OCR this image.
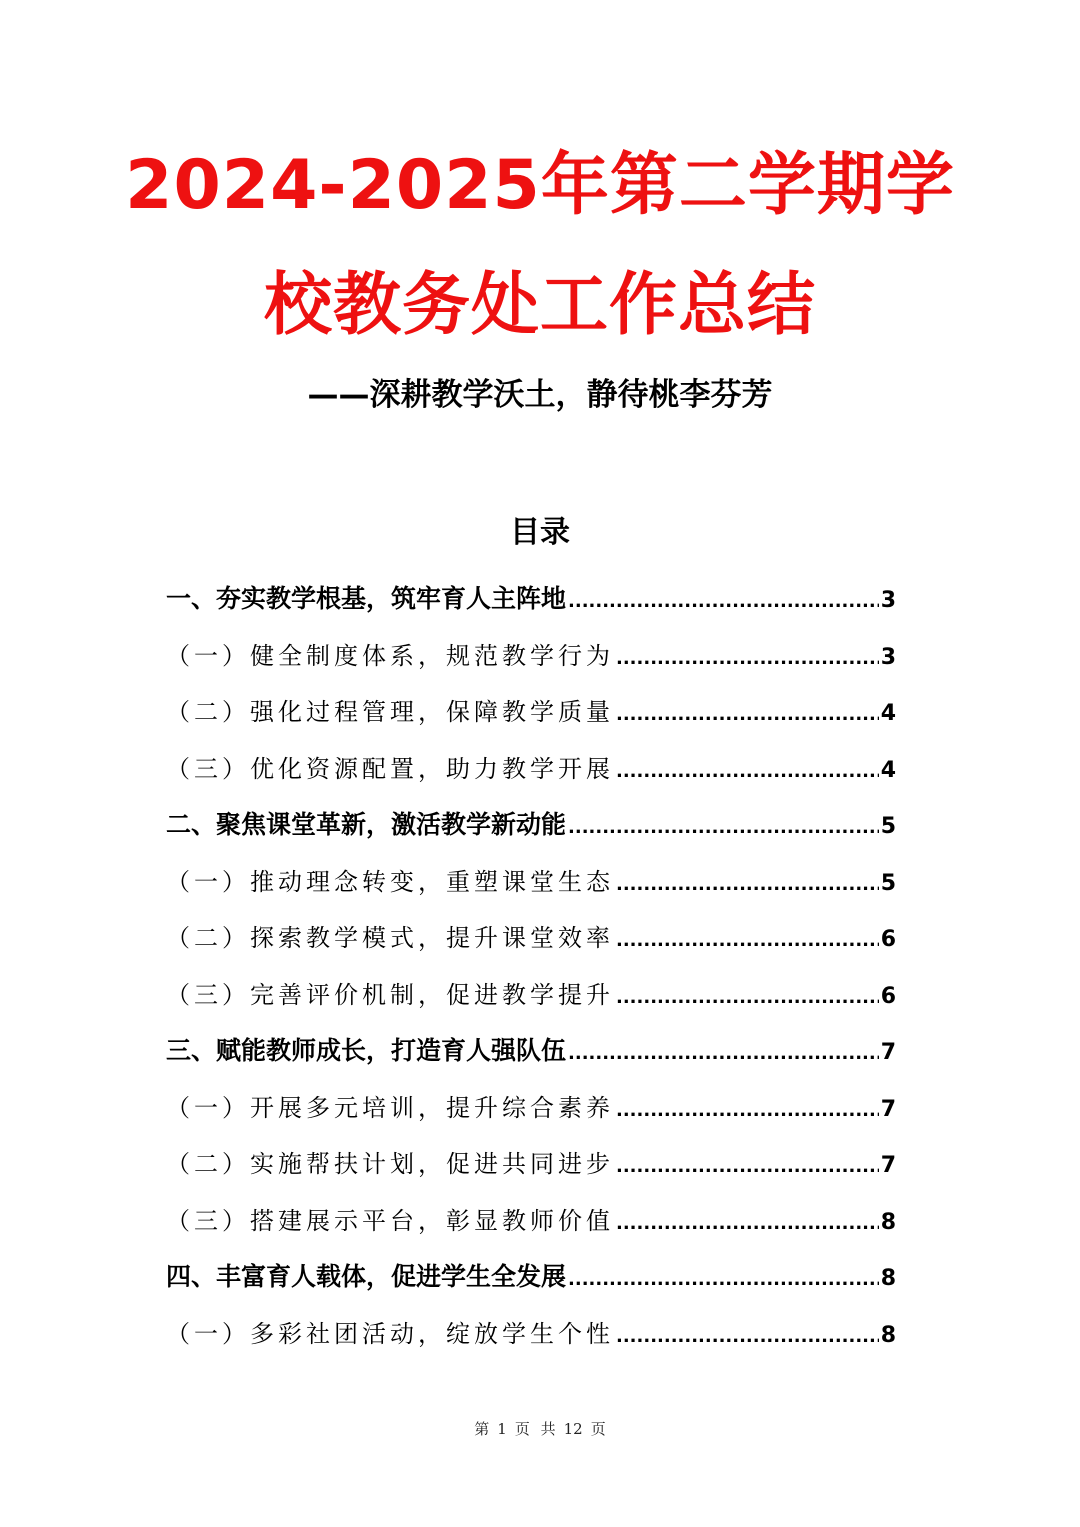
2024-2025年第二学期学
校教务处工作总结
——深耕教学沃土，静待桃李芬芳
目录
一、夯实教学根基，筑牢育人主阵地 .....	3
（一）健全制度体系，规范教学行为 .....	3
（二）强化过程管理，保障教学质量 .....	4
（三）优化资源配置，助力教学开展 .....	4
二、聚焦课堂革新，激活教学新动能 .....	5
（一）推动理念转变，重塑课堂生态 .....	5
（二）探索教学模式，提升课堂效率 .....	6
（三）完善评价机制，促进教学提升 .....	6
三、赋能教师成长，打造育人强队伍 .....	7
（一）开展多元培训，提升综合素养 .....	7
（二）实施帮扶计划，促进共同进步 .....	7
（三）搭建展示平台，彰显教师价值 .....	8
四、丰富育人载体，促进学生全发展 .....	8
（一）多彩社团活动，绽放学生个性 .....	8
第 1 页 共 12 页
